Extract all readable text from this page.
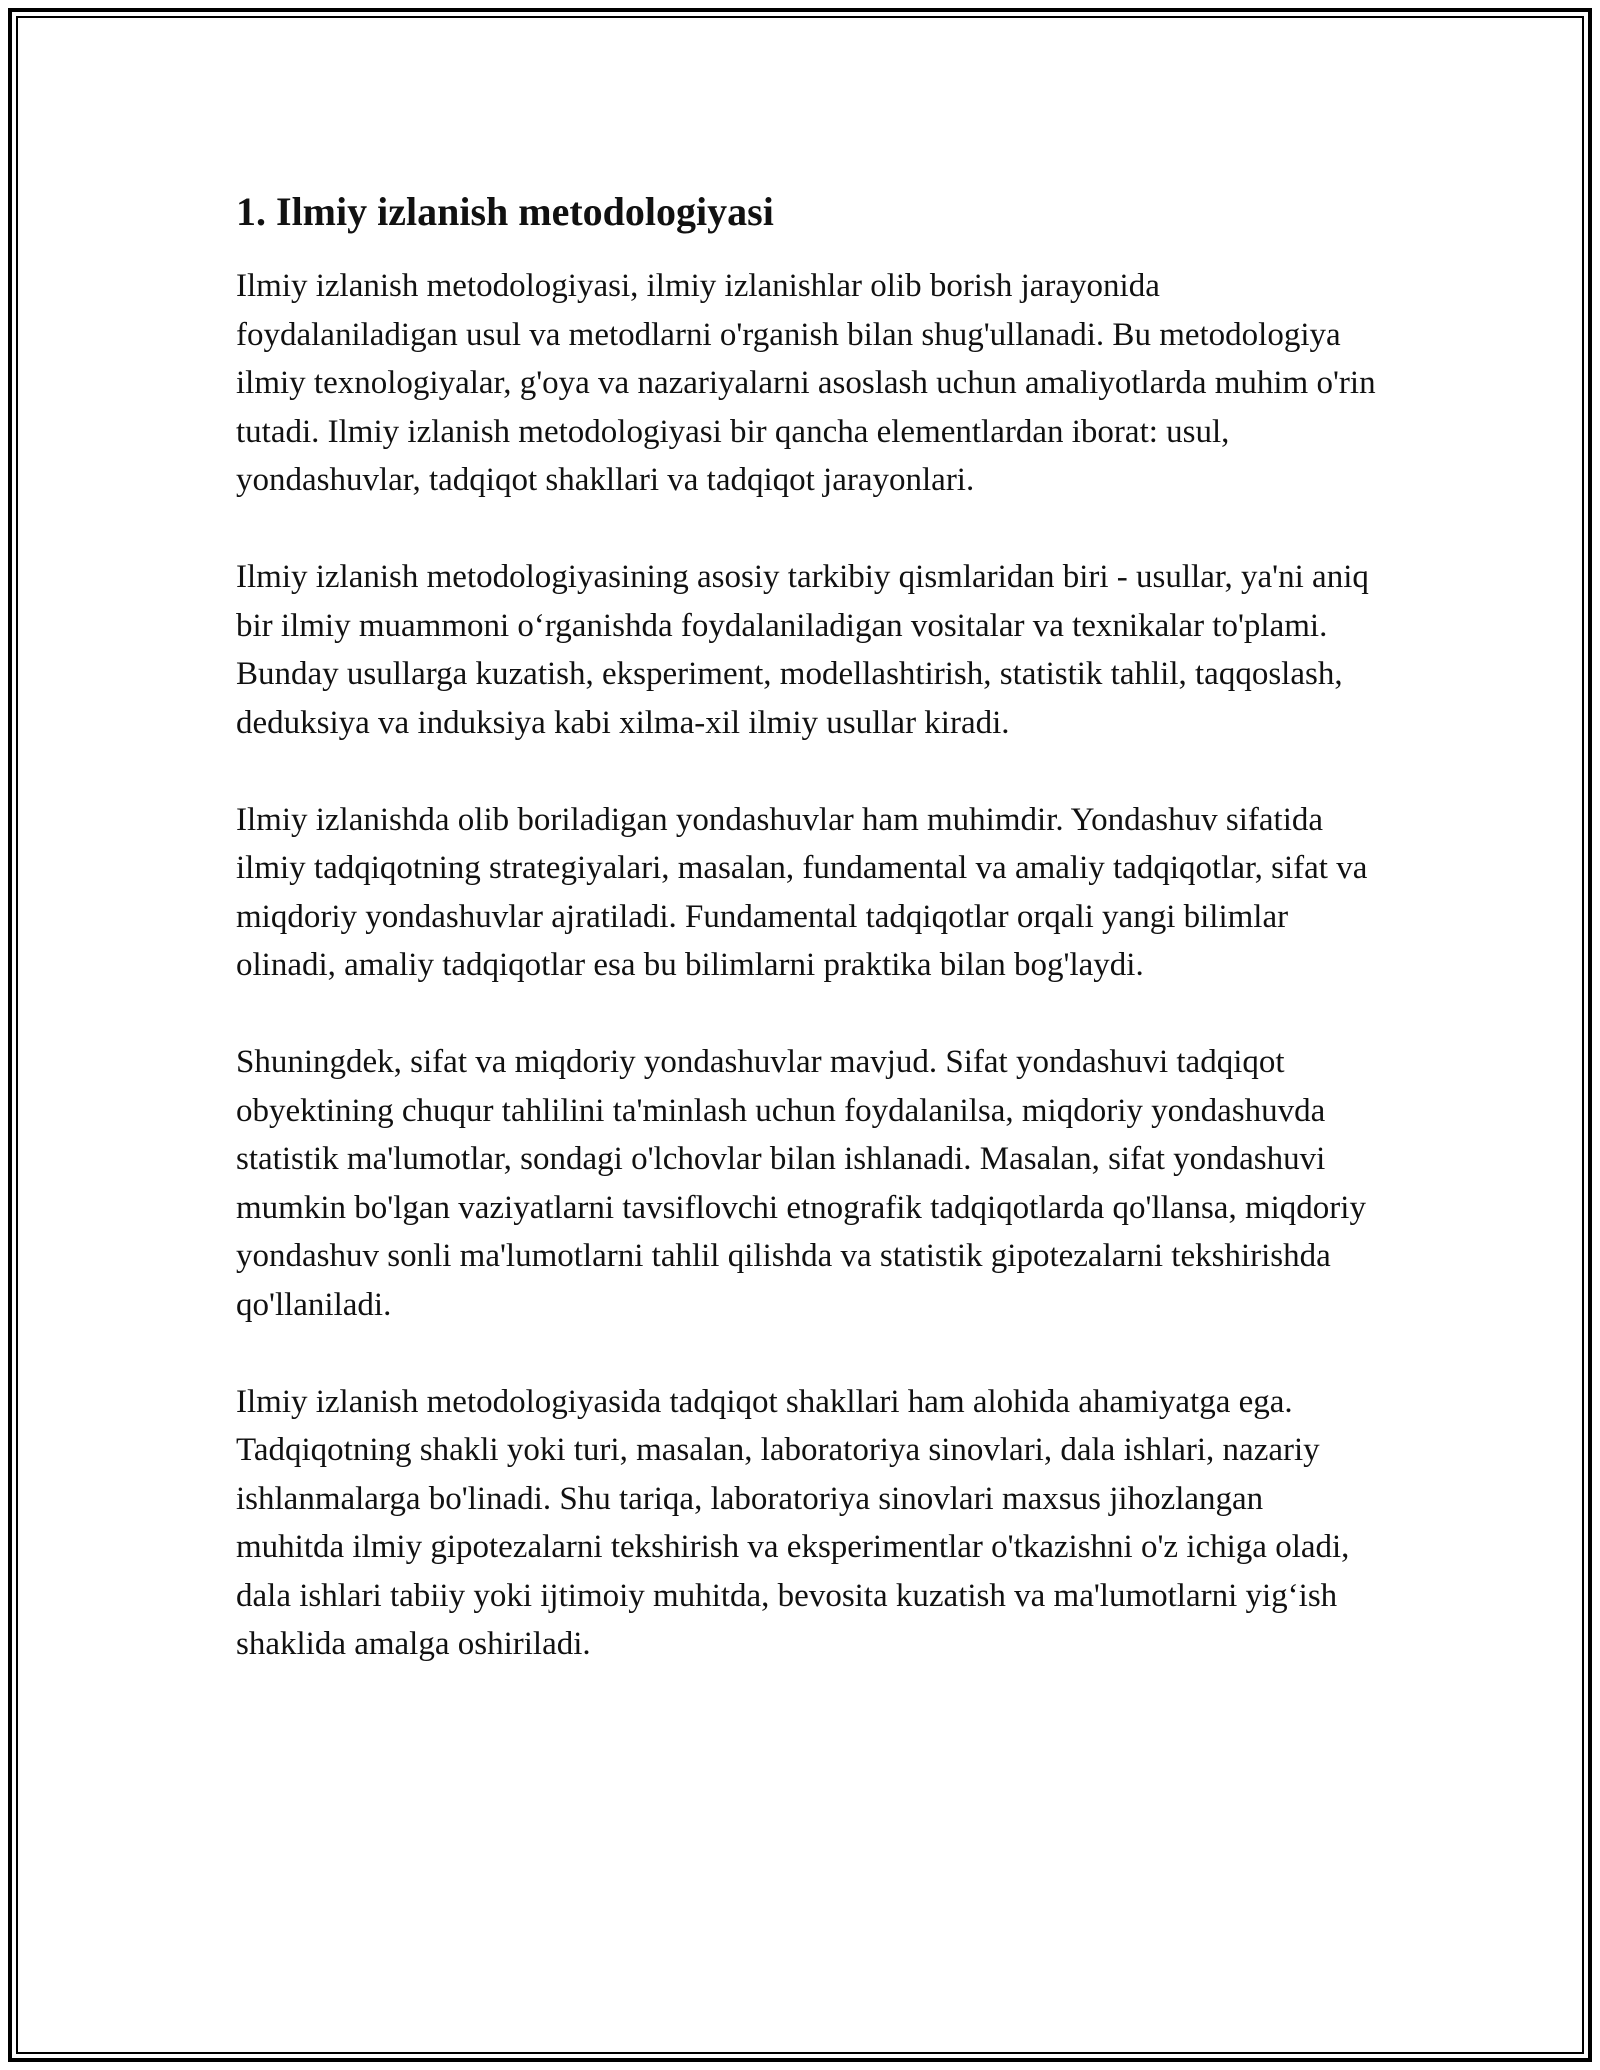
1. Ilmiy izlanish metodologiyasi

Ilmiy izlanish metodologiyasi, ilmiy izlanishlar olib borish jarayonida foydalaniladigan usul va metodlarni o'rganish bilan shug'ullanadi. Bu metodologiya ilmiy texnologiyalar, g'oya va nazariyalarni asoslash uchun amaliyotlarda muhim o'rin tutadi. Ilmiy izlanish metodologiyasi bir qancha elementlardan iborat: usul, yondashuvlar, tadqiqot shakllari va tadqiqot jarayonlari.

Ilmiy izlanish metodologiyasining asosiy tarkibiy qismlaridan biri - usullar, ya'ni aniq bir ilmiy muammoni o‘rganishda foydalaniladigan vositalar va texnikalar to'plami. Bunday usullarga kuzatish, eksperiment, modellashtirish, statistik tahlil, taqqoslash, deduksiya va induksiya kabi xilma-xil ilmiy usullar kiradi.

Ilmiy izlanishda olib boriladigan yondashuvlar ham muhimdir. Yondashuv sifatida ilmiy tadqiqotning strategiyalari, masalan, fundamental va amaliy tadqiqotlar, sifat va miqdoriy yondashuvlar ajratiladi. Fundamental tadqiqotlar orqali yangi bilimlar olinadi, amaliy tadqiqotlar esa bu bilimlarni praktika bilan bog'laydi.

Shuningdek, sifat va miqdoriy yondashuvlar mavjud. Sifat yondashuvi tadqiqot obyektining chuqur tahlilini ta'minlash uchun foydalanilsa, miqdoriy yondashuvda statistik ma'lumotlar, sondagi o'lchovlar bilan ishlanadi. Masalan, sifat yondashuvi mumkin bo'lgan vaziyatlarni tavsiflovchi etnografik tadqiqotlarda qo'llansa, miqdoriy yondashuv sonli ma'lumotlarni tahlil qilishda va statistik gipotezalarni tekshirishda qo'llaniladi.

Ilmiy izlanish metodologiyasida tadqiqot shakllari ham alohida ahamiyatga ega. Tadqiqotning shakli yoki turi, masalan, laboratoriya sinovlari, dala ishlari, nazariy ishlanmalarga bo'linadi. Shu tariqa, laboratoriya sinovlari maxsus jihozlangan muhitda ilmiy gipotezalarni tekshirish va eksperimentlar o'tkazishni o'z ichiga oladi, dala ishlari tabiiy yoki ijtimoiy muhitda, bevosita kuzatish va ma'lumotlarni yig‘ish shaklida amalga oshiriladi.
